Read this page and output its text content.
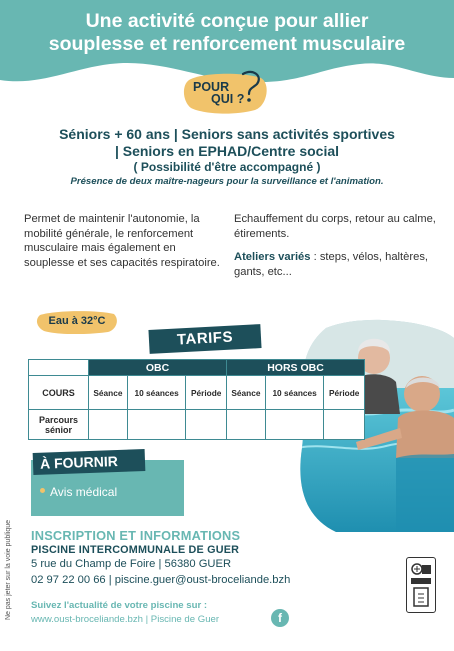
Une activité conçue pour allier
souplesse et renforcement musculaire
POUR
QUI ?
Séniors + 60 ans | Seniors sans activités sportives
| Seniors en EPHAD/Centre social
( Possibilité d'être accompagné )
Présence de deux maître-nageurs pour la surveillance et l'animation.
Permet de maintenir l'autonomie, la mobilité générale, le renforcement musculaire mais également en souplesse et ses capacités respiratoire.
Echauffement du corps, retour au calme, étirements.
Ateliers variés : steps, vélos, haltères, gants, etc...
Eau à 32°C
TARIFS
	OBC			HORS OBC		
COURS	Séance	10 séances	Période	Séance	10 séances	Période
Parcours sénior						
À FOURNIR
Avis médical
Ne pas jeter sur la voie publique INSCRIPTION ET INFORMATIONS
PISCINE INTERCOMMUNALE DE GUER
5 rue du Champ de Foire | 56380 GUER
02 97 22 00 66 | piscine.guer@oust-broceliande.bzh
Suivez l'actualité de votre piscine sur :
www.oust-broceliande.bzh | Piscine de Guer	f
